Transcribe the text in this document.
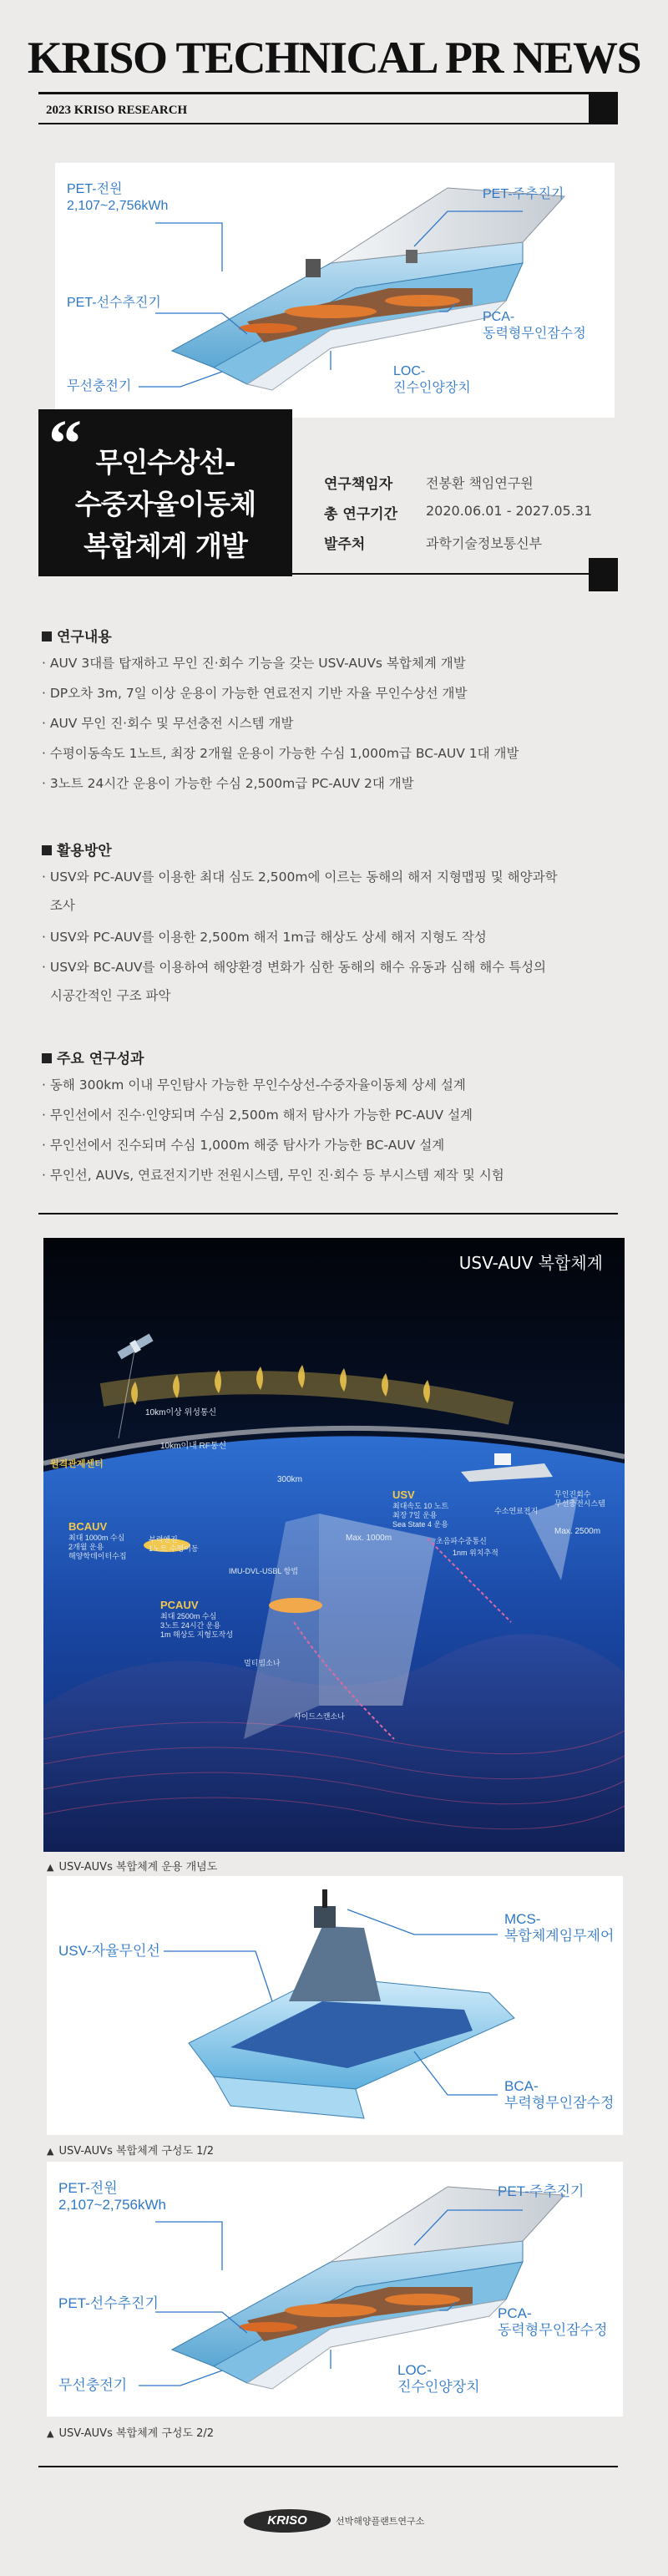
KRISO TECHNICAL PR NEWS
2023 KRISO RESEARCH
PET-전원
2,107~2,756kWh
PET-주추진기
PET-선수추진기
PCA-
동력형무인잠수정
무선충전기
LOC-
진수인양장치
“ 무인수상선-
수중자율이동체
복합체계 개발
연구책임자 전봉환 책임연구원
총 연구기간 2020.06.01 - 2027.05.31
발주처	과학기술정보통신부
연구내용
· AUV 3대를 탑재하고 무인 진·회수 기능을 갖는 USV-AUVs 복합체계 개발
· DP오차 3m, 7일 이상 운용이 가능한 연료전지 기반 자율 무인수상선 개발
· AUV 무인 진·회수 및 무선충전 시스템 개발
· 수평이동속도 1노트, 최장 2개월 운용이 가능한 수심 1,000m급 BC-AUV 1대 개발
· 3노트 24시간 운용이 가능한 수심 2,500m급 PC-AUV 2대 개발
활용방안
· USV와 PC-AUV를 이용한 최대 심도 2,500m에 이르는 동해의 해저 지형맵핑 및 해양과학
조사
· USV와 PC-AUV를 이용한 2,500m 해저 1m급 해상도 상세 해저 지형도 작성
· USV와 BC-AUV를 이용하여 해양환경 변화가 심한 동해의 해수 유동과 심해 해수 특성의
시공간적인 구조 파악
주요 연구성과
· 동해 300km 이내 무인탐사 가능한 무인수상선-수중자율이동체 상세 설계
· 무인선에서 진수·인양되며 수심 2,500m 해저 탐사가 가능한 PC-AUV 설계
· 무인선에서 진수되며 수심 1,000m 해중 탐사가 가능한 BC-AUV 설계
· 무인선, AUVs, 연료전지기반 전원시스템, 무인 진·회수 등 부시스템 제작 및 시험
USV-AUV 복합체계
10km이상 위성통신
10km이내 RF통신
원격관제센터
300km
USV
최대속도 10 노트
최장 7일 운용
Sea State 4 운용
수소연료전지
무인진회수
무선충전시스템
BCAUV
최대 1000m 수심
2개월 운용
해양학데이터수집
부력엔진
1노트 수평이동
Max. 1000m
Max. 2500m
초음파수중통신
1nm 위치추적
IMU-DVL-USBL 항법
PCAUV
최대 2500m 수심
3노트 24시간 운용
1m 해상도 지형도작성
멀티빔소나
사이드스캔소나
▲ USV-AUVs 복합체계 운용 개념도
USV-자율무인선
MCS-
복합체계임무제어
BCA-
부력형무인잠수정
▲ USV-AUVs 복합체계 구성도 1/2
PET-전원
2,107~2,756kWh
PET-주추진기
PET-선수추진기
PCA-
동력형무인잠수정
무선충전기
LOC-
진수인양장치
▲ USV-AUVs 복합체계 구성도 2/2
KRISO	선박해양플랜트연구소
